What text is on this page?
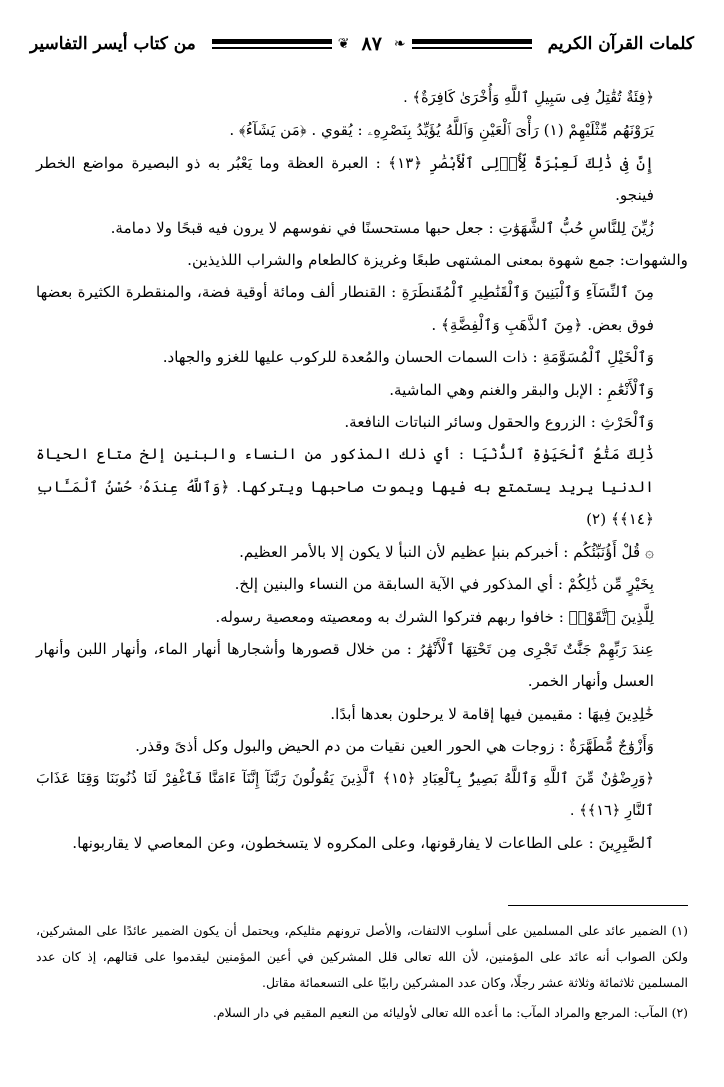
كلمات القرآن الكريم
❦ ٨٧ ❧
من كتاب أيسر التفاسير

﴿فِئَةٌ تُقَٰتِلُ فِى سَبِيلِ ٱللَّهِ وَأُخْرَىٰ كَافِرَةٌ﴾ .

يَرَوْنَهُم مِّثْلَيْهِمْ (١) رَأْىَ ٱلْعَيْنِ وَٱللَّهُ يُؤَيِّدُ بِنَصْرِهِۦ : يُقوي . ﴿مَن يَشَآءُ﴾ .

إِنَّ فِى ذَٰلِكَ لَعِبْرَةً لِّأُو۟لِى ٱلْأَبْصَٰرِ ﴿١٣﴾ : العبرة العظة وما يَعْبُر به ذو البصيرة مواضع الخطر فينجو.

زُيِّنَ لِلنَّاسِ حُبُّ ٱلشَّهَوَٰتِ : جعل حبها مستحسنًا في نفوسهم لا يرون فيه قبحًا ولا دمامة.

والشهوات: جمع شهوة بمعنى المشتهى طبعًا وغريزة كالطعام والشراب اللذيذين.

مِنَ ٱلنِّسَآءِ وَٱلْبَنِينَ وَٱلْقَنَٰطِيرِ ٱلْمُقَنطَرَةِ : القنطار ألف ومائة أوقية فضة، والمنقطرة الكثيرة بعضها فوق بعض. ﴿مِنَ ٱلذَّهَبِ وَٱلْفِضَّةِ﴾ .

وَٱلْخَيْلِ ٱلْمُسَوَّمَةِ : ذات السمات الحسان والمُعدة للركوب عليها للغزو والجهاد.

وَٱلْأَنْعَٰمِ : الإبل والبقر والغنم وهي الماشية.

وَٱلْحَرْثِ : الزروع والحقول وسائر النباتات النافعة.

ذَٰلِكَ مَتَٰعُ ٱلْحَيَوٰةِ ٱلدُّنْيَا : أي ذلك المذكور من النساء والبنين إلخ متاع الحياة الدنيا يريد يستمتع به فيها ويموت صاحبها ويتركها. ﴿وَٱللَّهُ عِندَهُۥ حُسْنُ ٱلْمَـَٔابِ ﴿١٤﴾﴾ (٢)

۞ قُلْ أَؤُنَبِّئُكُم : أخبركم بنبإ عظيم لأن النبأ لا يكون إلا بالأمر العظيم.

بِخَيْرٍ مِّن ذَٰلِكُمْ : أي المذكور في الآية السابقة من النساء والبنين إلخ.

لِلَّذِينَ ٱتَّقَوْا۟ : خافوا ربهم فتركوا الشرك به ومعصيته ومعصية رسوله.

عِندَ رَبِّهِمْ جَنَّٰتٌ تَجْرِى مِن تَحْتِهَا ٱلْأَنْهَٰرُ : من خلال قصورها وأشجارها أنهار الماء، وأنهار اللبن وأنهار العسل وأنهار الخمر.

خَٰلِدِينَ فِيهَا : مقيمين فيها إقامة لا يرحلون بعدها أبدًا.

وَأَزْوَٰجٌ مُّطَهَّرَةٌ : زوجات هي الحور العين نقيات من دم الحيض والبول وكل أذىً وقذر.

﴿وَرِضْوَٰنٌ مِّنَ ٱللَّهِ وَٱللَّهُ بَصِيرٌۢ بِٱلْعِبَادِ ﴿١٥﴾ ٱلَّذِينَ يَقُولُونَ رَبَّنَآ إِنَّنَآ ءَامَنَّا فَٱغْفِرْ لَنَا ذُنُوبَنَا وَقِنَا عَذَابَ ٱلنَّارِ ﴿١٦﴾﴾ .

ٱلصَّٰبِرِينَ : على الطاعات لا يفارقونها، وعلى المكروه لا يتسخطون، وعن المعاصي لا يقاربونها.

(١) الضمير عائد على المسلمين على أسلوب الالتفات، والأصل ترونهم مثليكم، ويحتمل أن يكون الضمير عائدًا على المشركين، ولكن الصواب أنه عائد على المؤمنين، لأن الله تعالى قلل المشركين في أعين المؤمنين ليقدموا على قتالهم، إذ كان عدد المسلمين ثلاثمائة وثلاثة عشر رجلًا، وكان عدد المشركين رابيًا على التسعمائة مقاتل.

(٢) المآب: المرجع والمراد المآب: ما أعده الله تعالى لأوليائه من النعيم المقيم في دار السلام.
